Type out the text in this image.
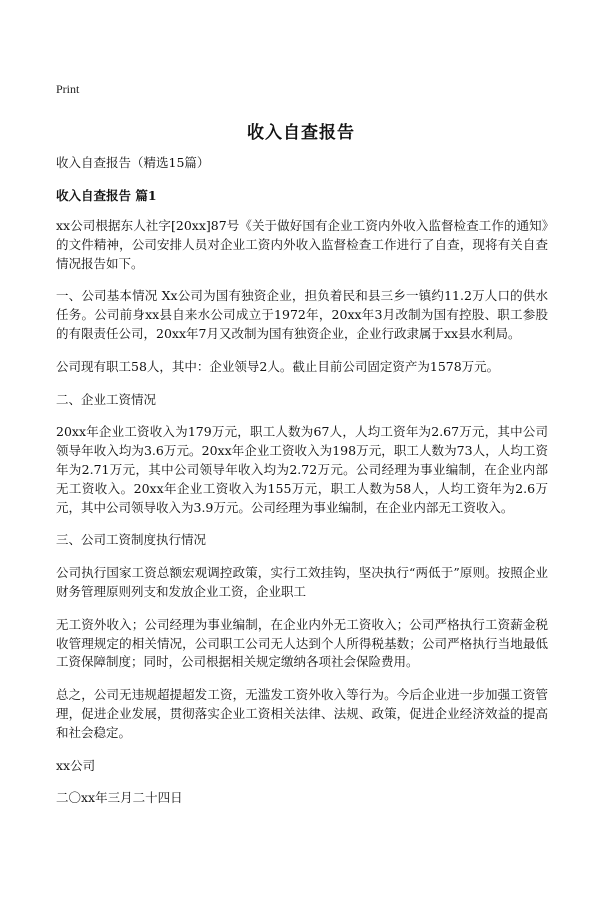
Print
收入自查报告
收入自查报告（精选15篇）
收入自查报告 篇1

xx公司根据东人社字[20xx]87号《关于做好国有企业工资内外收入监督检查工作的通知》的文件精神，公司安排人员对企业工资内外收入监督检查工作进行了自查，现将有关自查情况报告如下。

一、公司基本情况 Xx公司为国有独资企业，担负着民和县三乡一镇约11.2万人口的供水任务。公司前身xx县自来水公司成立于1972年，20xx年3月改制为国有控股、职工参股的有限责任公司，20xx年7月又改制为国有独资企业，企业行政隶属于xx县水利局。

公司现有职工58人，其中：企业领导2人。截止目前公司固定资产为1578万元。

二、企业工资情况

20xx年企业工资收入为179万元，职工人数为67人，人均工资年为2.67万元，其中公司领导年收入均为3.6万元。20xx年企业工资收入为198万元，职工人数为73人，人均工资年为2.71万元，其中公司领导年收入均为2.72万元。公司经理为事业编制，在企业内部无工资收入。20xx年企业工资收入为155万元，职工人数为58人，人均工资年为2.6万元，其中公司领导收入为3.9万元。公司经理为事业编制，在企业内部无工资收入。

三、公司工资制度执行情况

公司执行国家工资总额宏观调控政策，实行工效挂钩，坚决执行“两低于”原则。按照企业财务管理原则列支和发放企业工资，企业职工

无工资外收入；公司经理为事业编制，在企业内外无工资收入；公司严格执行工资薪金税收管理规定的相关情况，公司职工公司无人达到个人所得税基数；公司严格执行当地最低工资保障制度；同时，公司根据相关规定缴纳各项社会保险费用。

总之，公司无违规超提超发工资，无滥发工资外收入等行为。今后企业进一步加强工资管理，促进企业发展，贯彻落实企业工资相关法律、法规、政策，促进企业经济效益的提高和社会稳定。

xx公司

二〇xx年三月二十四日
